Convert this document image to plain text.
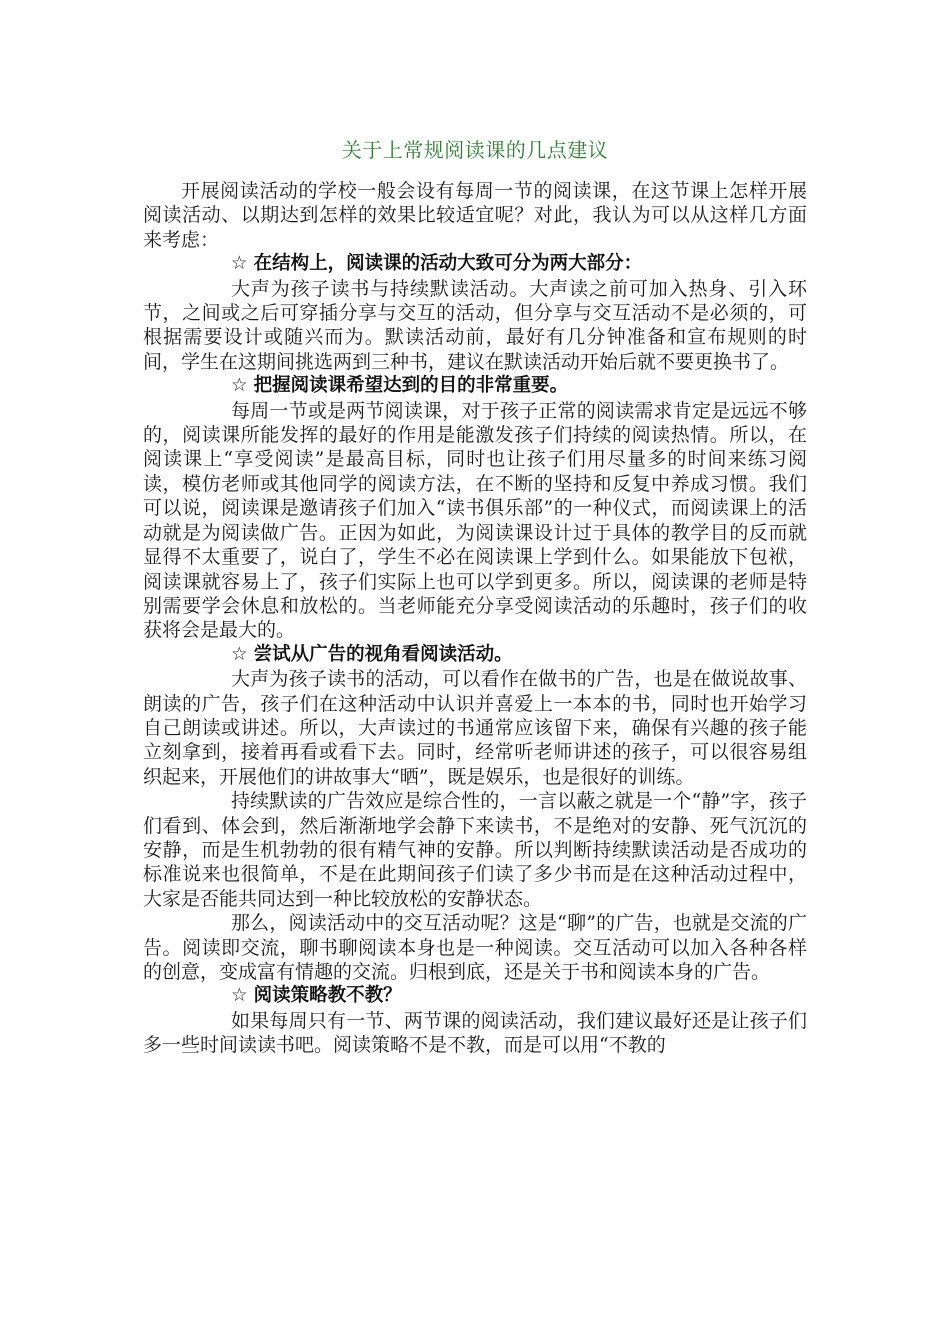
关于上常规阅读课的几点建议

开展阅读活动的学校一般会设有每周一节的阅读课，在这节课上怎样开展阅读活动、以期达到怎样的效果比较适宜呢？对此，我认为可以从这样几方面来考虑：

☆ 在结构上，阅读课的活动大致可分为两大部分：

大声为孩子读书与持续默读活动。大声读之前可加入热身、引入环节，之间或之后可穿插分享与交互的活动，但分享与交互活动不是必须的，可根据需要设计或随兴而为。默读活动前，最好有几分钟准备和宣布规则的时间，学生在这期间挑选两到三种书，建议在默读活动开始后就不要更换书了。

☆ 把握阅读课希望达到的目的非常重要。

每周一节或是两节阅读课，对于孩子正常的阅读需求肯定是远远不够的，阅读课所能发挥的最好的作用是能激发孩子们持续的阅读热情。所以，在阅读课上“享受阅读”是最高目标，同时也让孩子们用尽量多的时间来练习阅读，模仿老师或其他同学的阅读方法，在不断的坚持和反复中养成习惯。我们可以说，阅读课是邀请孩子们加入“读书俱乐部”的一种仪式，而阅读课上的活动就是为阅读做广告。正因为如此，为阅读课设计过于具体的教学目的反而就显得不太重要了，说白了，学生不必在阅读课上学到什么。如果能放下包袱，阅读课就容易上了，孩子们实际上也可以学到更多。所以，阅读课的老师是特别需要学会休息和放松的。当老师能充分享受阅读活动的乐趣时，孩子们的收获将会是最大的。

☆ 尝试从广告的视角看阅读活动。

大声为孩子读书的活动，可以看作在做书的广告，也是在做说故事、朗读的广告，孩子们在这种活动中认识并喜爱上一本本的书，同时也开始学习自己朗读或讲述。所以，大声读过的书通常应该留下来，确保有兴趣的孩子能立刻拿到，接着再看或看下去。同时，经常听老师讲述的孩子，可以很容易组织起来，开展他们的讲故事大“晒”，既是娱乐，也是很好的训练。

持续默读的广告效应是综合性的，一言以蔽之就是一个“静”字，孩子们看到、体会到，然后渐渐地学会静下来读书，不是绝对的安静、死气沉沉的安静，而是生机勃勃的很有精气神的安静。所以判断持续默读活动是否成功的标准说来也很简单，不是在此期间孩子们读了多少书而是在这种活动过程中，大家是否能共同达到一种比较放松的安静状态。

那么，阅读活动中的交互活动呢？这是“聊”的广告，也就是交流的广告。阅读即交流，聊书聊阅读本身也是一种阅读。交互活动可以加入各种各样的创意，变成富有情趣的交流。归根到底，还是关于书和阅读本身的广告。

☆ 阅读策略教不教？

如果每周只有一节、两节课的阅读活动，我们建议最好还是让孩子们多一些时间读读书吧。阅读策略不是不教，而是可以用“不教的
